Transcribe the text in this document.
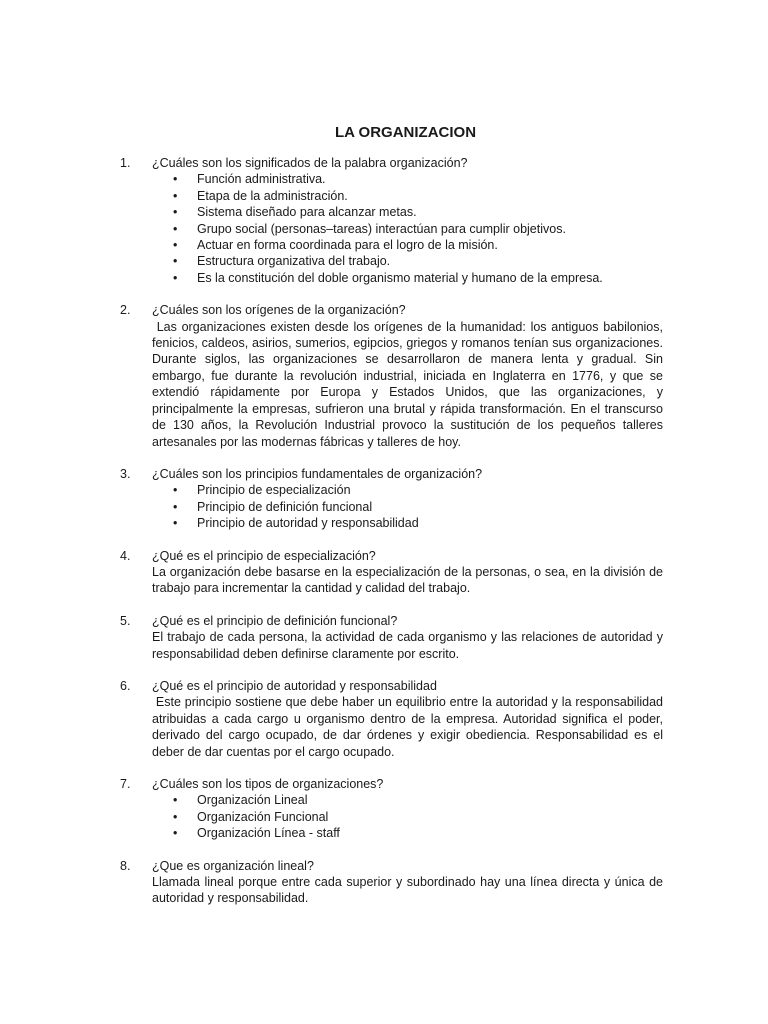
LA ORGANIZACION
1.	¿Cuáles son los significados de la palabra organización?

•	Función administrativa.
•	Etapa de la administración.
•	Sistema diseñado para alcanzar metas.
•	Grupo social (personas–tareas) interactúan para cumplir objetivos.
•	Actuar en forma coordinada para el logro de la misión.
•	Estructura organizativa del trabajo.
•	Es la constitución del doble organismo material y humano de la empresa.
2.	¿Cuáles son los orígenes de la organización?

Las organizaciones existen desde los orígenes de la humanidad: los antiguos babilonios, fenicios, caldeos, asirios, sumerios, egipcios, griegos y romanos tenían sus organizaciones. Durante siglos, las organizaciones se desarrollaron de manera lenta y gradual. Sin embargo, fue durante la revolución industrial, iniciada en Inglaterra en 1776, y que se  extendió rápidamente por Europa y Estados Unidos, que las organizaciones, y principalmente la empresas, sufrieron una brutal y rápida transformación. En el transcurso de 130 años, la Revolución Industrial provoco la sustitución de los pequeños talleres artesanales por las modernas fábricas y talleres de hoy.

3.	¿Cuáles son los principios fundamentales de organización?

•	Principio de especialización
•	Principio de definición funcional
•	Principio de autoridad y responsabilidad
4.	¿Qué es el principio de especialización?

La organización debe basarse en la especialización de la personas, o sea, en la división de trabajo para incrementar la cantidad y calidad del trabajo.

5.	¿Qué es el principio de definición funcional?

El trabajo de cada persona, la actividad de cada organismo y las relaciones de autoridad y responsabilidad deben definirse claramente por escrito.

6.	¿Qué es el principio de autoridad y responsabilidad

Este principio sostiene que debe haber un equilibrio entre la autoridad y la responsabilidad atribuidas a cada cargo u organismo dentro de la empresa. Autoridad significa el poder, derivado del cargo ocupado, de dar órdenes y exigir obediencia. Responsabilidad es el deber de dar cuentas por el cargo ocupado.

7.	¿Cuáles son los tipos de organizaciones?

•	Organización Lineal
•	Organización Funcional
•	Organización Línea - staff
8.	¿Que es organización lineal?

Llamada lineal porque entre cada superior y subordinado hay una línea directa y única de autoridad y responsabilidad.
